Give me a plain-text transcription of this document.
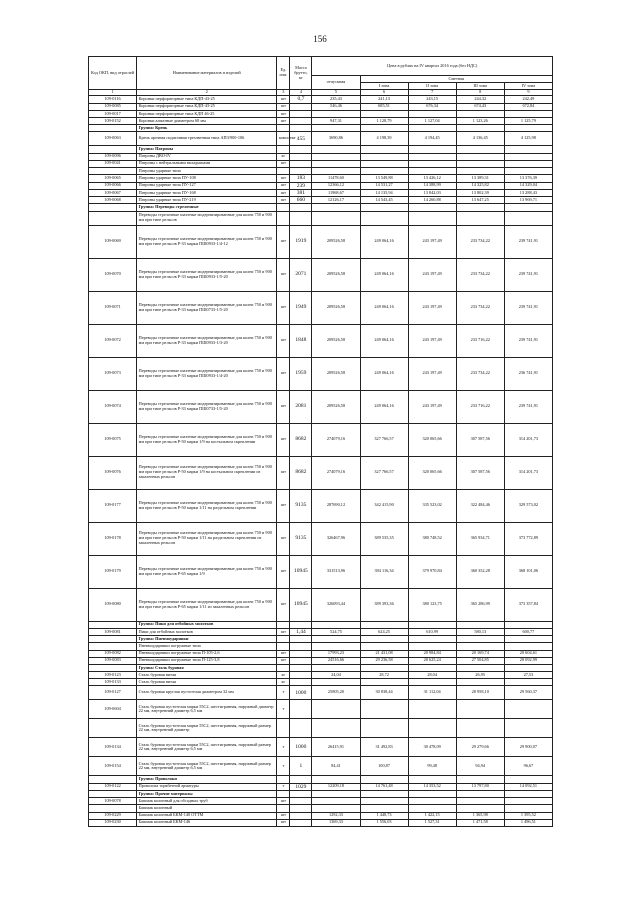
156
Код ОКП, вид отраслей	Наименование материалов и изделий	Ед. изм.	Масса брутто, кг	Цена в рублях на IV квартал 2016 года (без НДС)				
				отпускная	Сметная			
					I зона	II зона	III зона	IV зона
1	2	3	4	5	6	7	8	9
109-0116	Коронки перфораторные типа КДП-43-25	шт	0,7	235,43	241,13	243,15	244,32	242,49
109-0085	Коронки перфораторные типа КДП-43-25	шт		546,46	685,51	676,34	674,43	672,84
109-0017	Коронки перфораторные типа КДП 46-25	шт						
109-0152	Коронки алмазные диаметром 68 мм	шт		947,31	1 128,79	1 127,04	1 123,26	1 125,79
	Группа: Крепь							
109-0063	Крепь арочная податливая трехзвенная типа АП3/900-106	комплект	455	3690,86	4 198,39	4 194,45	4 136,45	4 125,98
	Группа: Патроны							
109-0096	Патроны ДВО-IV	кг						
109-0041	Патроны с нейтральными вкладышами	шт						
	Патроны ударные типа							
109-0065	Патроны ударные типа ПУ-108	шт	183	11478,60	13 549,88	13 426,12	13 389,31	13 376,39
109-0066	Патроны ударные типа ПУ-127	шт	239	12366,12	14 531,27	14 388,99	14 325,82	14 329,04
109-0067	Патроны ударные типа ПУ-168	шт	381	11968,67	14 135,94	13 842,03	13 802,39	13 288,43
109-0068	Патроны ударные типа ПУ-219	шт	660	12126,17	14 543,45	14 260,88	13 647,25	13 969,71
	Группа: Переводы стрелочные							
	Переводы стрелочные шахтные модернизированные для колеи 750 и 900 мм при типе рельсов							
109-0069	Переводы стрелочные шахтные модернизированные для колеи 750 и 900 мм при типе рельсов Р-33 марки ПШ0933-1/4-12	шт	1919	209526,58	249 064,16	243 197,49	233 734,22	239 741,91
109-0070	Переводы стрелочные шахтные модернизированные для колеи 750 и 900 мм при типе рельсов Р-33 марки ПШ0933-1/5-20	шт	2071	209526,58	249 064,16	243 197,49	233 734,22	239 741,91
109-0071	Переводы стрелочные шахтные модернизированные для колеи 750 и 900 мм при типе рельсов Р-33 марки ПШ0733-1/5-20	шт	1949	209526,58	249 064,16	243 197,49	233 734,22	239 741,91
109-0072	Переводы стрелочные шахтные модернизированные для колеи 750 и 900 мм при типе рельсов Р-33 марки ПШ0933-1/3-20	шт	1848	209526,58	249 064,16	243 197,49	233 716,22	239 741,91
109-0073	Переводы стрелочные шахтные модернизированные для колеи 750 и 900 мм при типе рельсов Р-33 марки ПШ0933-1/4-20	шт	1959	209526,58	249 064,16	243 197,49	233 734,22	236 741,91
109-0074	Переводы стрелочные шахтные модернизированные для колеи 750 и 900 мм при типе рельсов Р-33 марки ПШ0733-1/5-20	шт	2081	209526,58	249 064,16	243 197,49	233 716,22	239 741,91
109-0075	Переводы стрелочные шахтные модернизированные для колеи 750 и 900 мм при типе рельсов Р-50 марки 1/9 на костыльном скреплении	шт	8682	274079,16	327 766,57	320 065,66	307 587,56	314 201,73
109-0076	Переводы стрелочные шахтные модернизированные для колеи 750 и 900 мм при типе рельсов Р-50 марки 1/9 на костыльном скреплении из закаленных рельсов	шт	8682	274079,16	327 766,57	320 065,66	307 587,56	314 201,73
109-0177	Переводы стрелочные шахтные модернизированные для колеи 750 и 900 мм при типе рельсов Р-50 марки 1/11 на раздельном скреплении	шт	9135	287690,12	342 415,90	335 523,02	322 484,46	329 573,02
109-0178	Переводы стрелочные шахтные модернизированные для колеи 750 и 900 мм при типе рельсов Р-50 марки 1/11 на раздельном скреплении из закаленных рельсов	шт	9135	326467,96	389 535,35	380 748,52	365 934,71	373 772,89
109-0179	Переводы стрелочные шахтные модернизированные для колеи 750 и 900 мм при типе рельсов Р-65 марки 1/9	шт	10945	331513,96	394 116,34	379 970,84	360 352,28	368 101,06
109-0080	Переводы стрелочные шахтные модернизированные для колеи 750 и 900 мм при типе рельсов Р-65 марки 1/11 из закаленных рельсов	шт	10945	326093,44	389 393,36	380 123,75	365 286,99	373 357,84
	Группа: Пики для отбойных молотков							
109-0081	Пики для отбойных молотков	шт	1,44	524,75	624,25	610,99	580,13	600,77
	Группа: Пневмоударники							
	Пневмоударники погружные типа							
109-0082	Пневмоударники погружные типа П-105-2,6	шт		17993,23	21 431,08	20 984,84	20 169,74	20 604,61
109-0083	Пневмоударники погружные типа П-125-3,8	шт		24516,66	29 236,58	28 625,24	27 504,85	28 092,99
	Группа: Сталь буровая							
109-0123	Сталь буровая витая	кг		24,04	28,72	28,04	26,95	27,53
109-0133	Сталь буровая витая	кг						
109-0127	Сталь буровая круглая пустотелая диаметром 32 мм	т	1000	25805,20	30 838,44	31 112,04	28 958,10	29 560,37
109-0604	Сталь буровая пустотелая марки 55С2, шестигранная, наружный диаметр 22 мм, внутренний диаметр 6,5 мм	т						
	Сталь буровая пустотелая марки 55С2, шестигранная, наружный размер 22 мм, внутренний диаметр							
109-0134	Сталь буровая пустотелая марки 55С2, шестигранная, наружный размер 22 мм, внутренний диаметр 6,5 мм	т	1000	26415,91	31 492,83	30 478,09	29 279,66	29 900,07
109-0154	Сталь буровая пустотелая марки 55С2, шестигранная, наружный размер 22 мм, внутренний диаметр 6,5 мм	т	1	84,41	100,87	99,48	94,94	96,67
	Группа: Проволоки							
109-0122	Проволока торкбетной арматуры	т	1029	12209,18	14 761,48	14 353,52	13 797,80	14 092,51
	Группа: Прочие материалы							
109-0078	Башмак колонный для обсадных труб	шт						
	Башмак колонный							
109-0229	Башмак колонный БКМ-140 ОТТМ	шт		1292,33	1 448,73	1 422,15	1 365,98	1 395,52
109-0230	Башмак колонный БКМ-146	шт		1369,33	1 556,03	1 527,31	1 471,58	1 496,51
